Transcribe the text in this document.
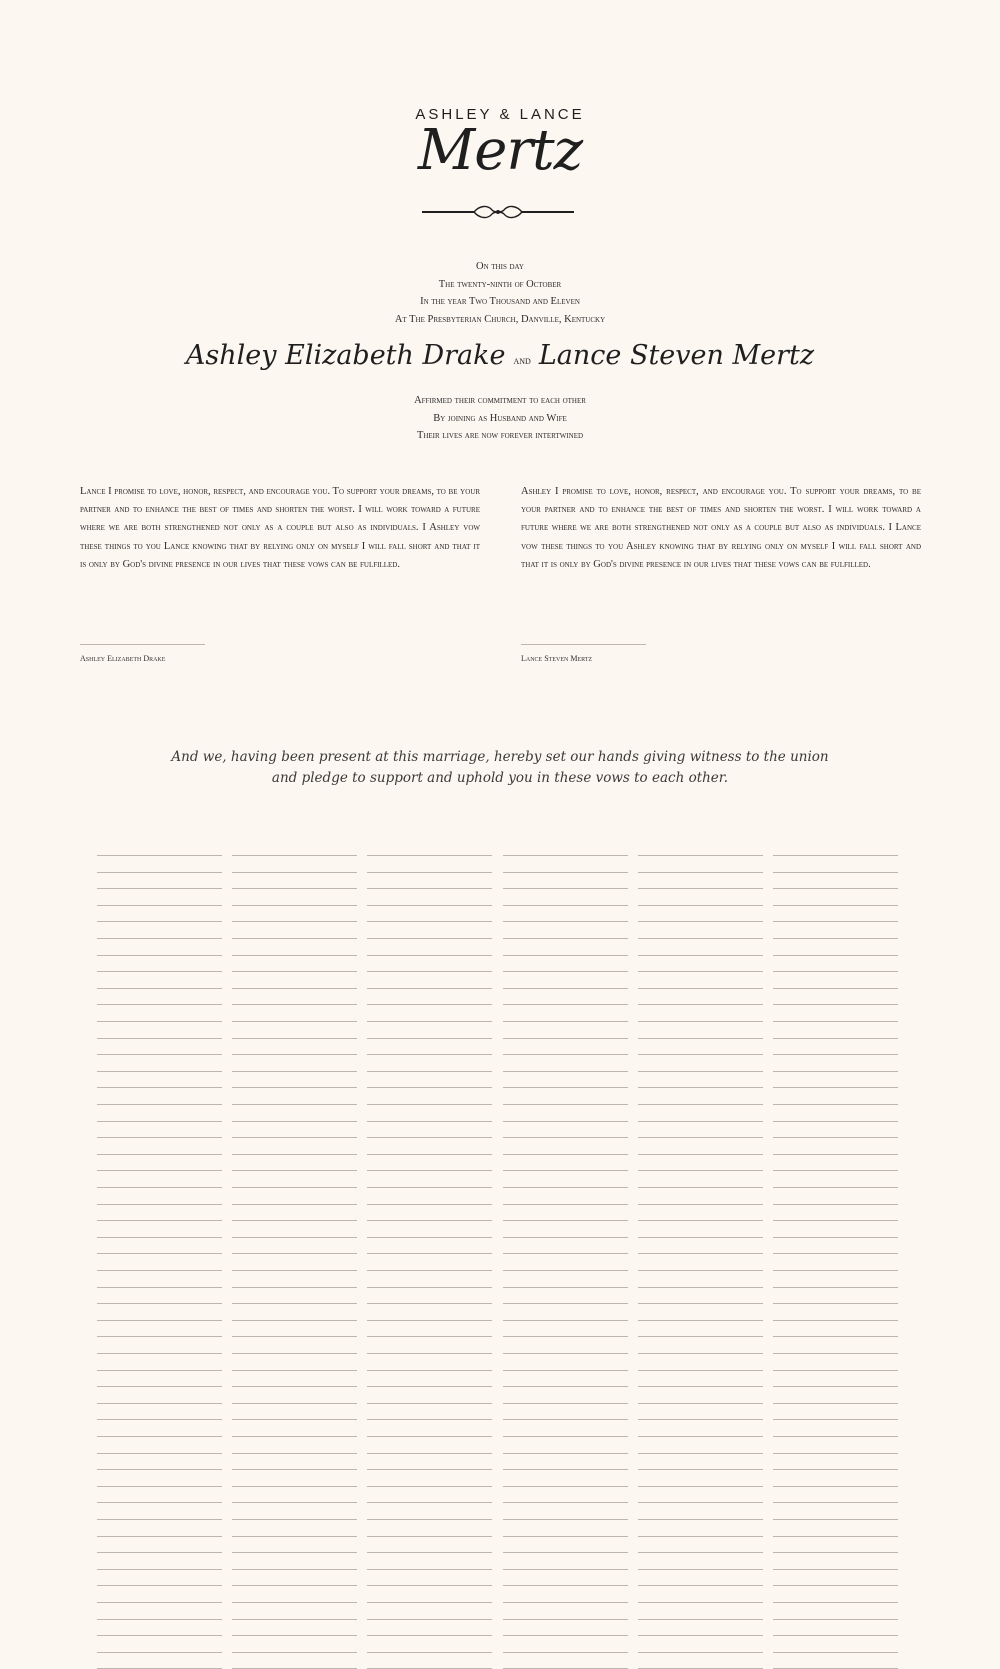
ASHLEY & LANCE
Mertz
On this day
The twenty-ninth of October
In the year Two Thousand and Eleven
At The Presbyterian Church, Danville, Kentucky
Ashley Elizabeth Drake and Lance Steven Mertz
Affirmed their commitment to each other
By joining as Husband and Wife
Their lives are now forever intertwined
Lance I promise to love, honor, respect, and encourage you. To support your dreams, to be your partner and to enhance the best of times and shorten the worst. I will work toward a future where we are both strengthened not only as a couple but also as individuals. I Ashley vow these things to you Lance knowing that by relying only on myself I will fall short and that it is only by God's divine presence in our lives that these vows can be fulfilled.
Ashley I promise to love, honor, respect, and encourage you. To support your dreams, to be your partner and to enhance the best of times and shorten the worst. I will work toward a future where we are both strengthened not only as a couple but also as individuals. I Lance vow these things to you Ashley knowing that by relying only on myself I will fall short and that it is only by God's divine presence in our lives that these vows can be fulfilled.
Ashley Elizabeth Drake	Lance Steven Mertz
And we, having been present at this marriage, hereby set our hands giving witness to the union
and pledge to support and uphold you in these vows to each other.
